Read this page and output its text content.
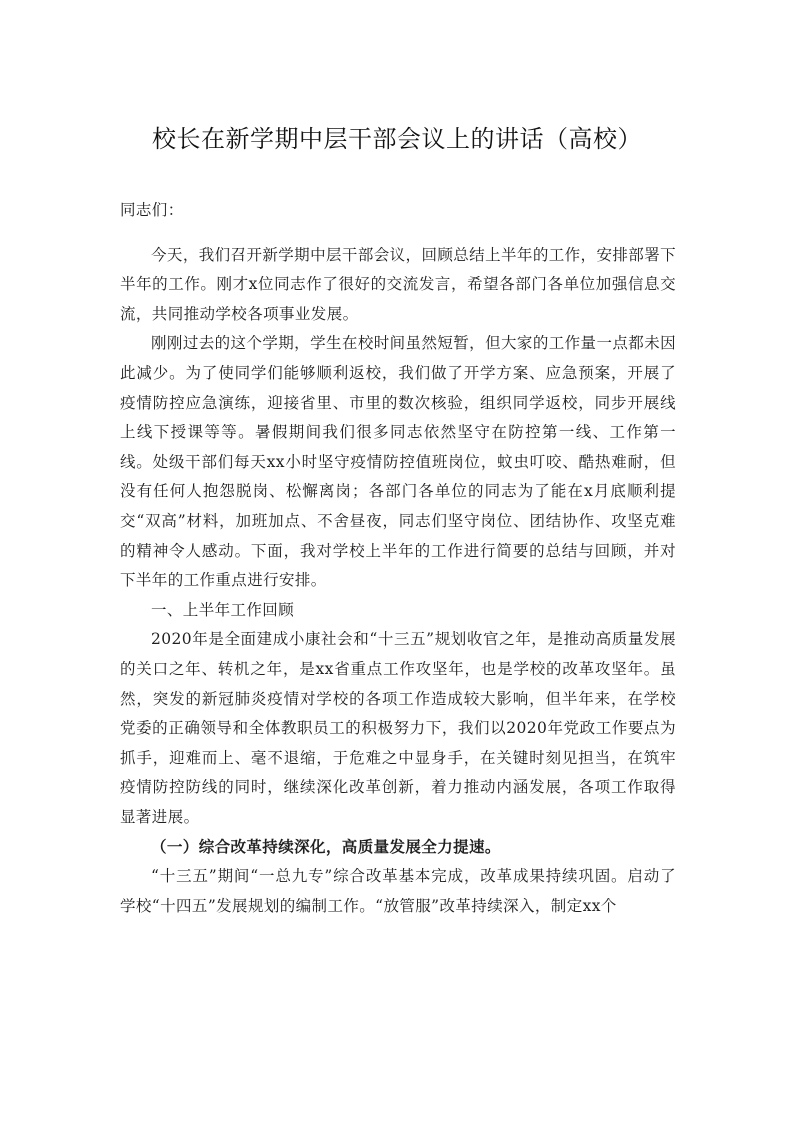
校长在新学期中层干部会议上的讲话（高校）

同志们：

今天，我们召开新学期中层干部会议，回顾总结上半年的工作，安排部署下半年的工作。刚才x位同志作了很好的交流发言，希望各部门各单位加强信息交流，共同推动学校各项事业发展。

刚刚过去的这个学期，学生在校时间虽然短暂，但大家的工作量一点都未因此减少。为了使同学们能够顺利返校，我们做了开学方案、应急预案，开展了疫情防控应急演练，迎接省里、市里的数次核验，组织同学返校，同步开展线上线下授课等等。暑假期间我们很多同志依然坚守在防控第一线、工作第一线。处级干部们每天xx小时坚守疫情防控值班岗位，蚊虫叮咬、酷热难耐，但没有任何人抱怨脱岗、松懈离岗；各部门各单位的同志为了能在x月底顺利提交“双高”材料，加班加点、不舍昼夜，同志们坚守岗位、团结协作、攻坚克难的精神令人感动。下面，我对学校上半年的工作进行简要的总结与回顾，并对下半年的工作重点进行安排。

一、上半年工作回顾

2020年是全面建成小康社会和“十三五”规划收官之年，是推动高质量发展的关口之年、转机之年，是xx省重点工作攻坚年，也是学校的改革攻坚年。虽然，突发的新冠肺炎疫情对学校的各项工作造成较大影响，但半年来，在学校党委的正确领导和全体教职员工的积极努力下，我们以2020年党政工作要点为抓手，迎难而上、毫不退缩，于危难之中显身手，在关键时刻见担当，在筑牢疫情防控防线的同时，继续深化改革创新，着力推动内涵发展，各项工作取得显著进展。

（一）综合改革持续深化，高质量发展全力提速。

“十三五”期间“一总九专”综合改革基本完成，改革成果持续巩固。启动了学校“十四五”发展规划的编制工作。“放管服”改革持续深入，制定xx个
